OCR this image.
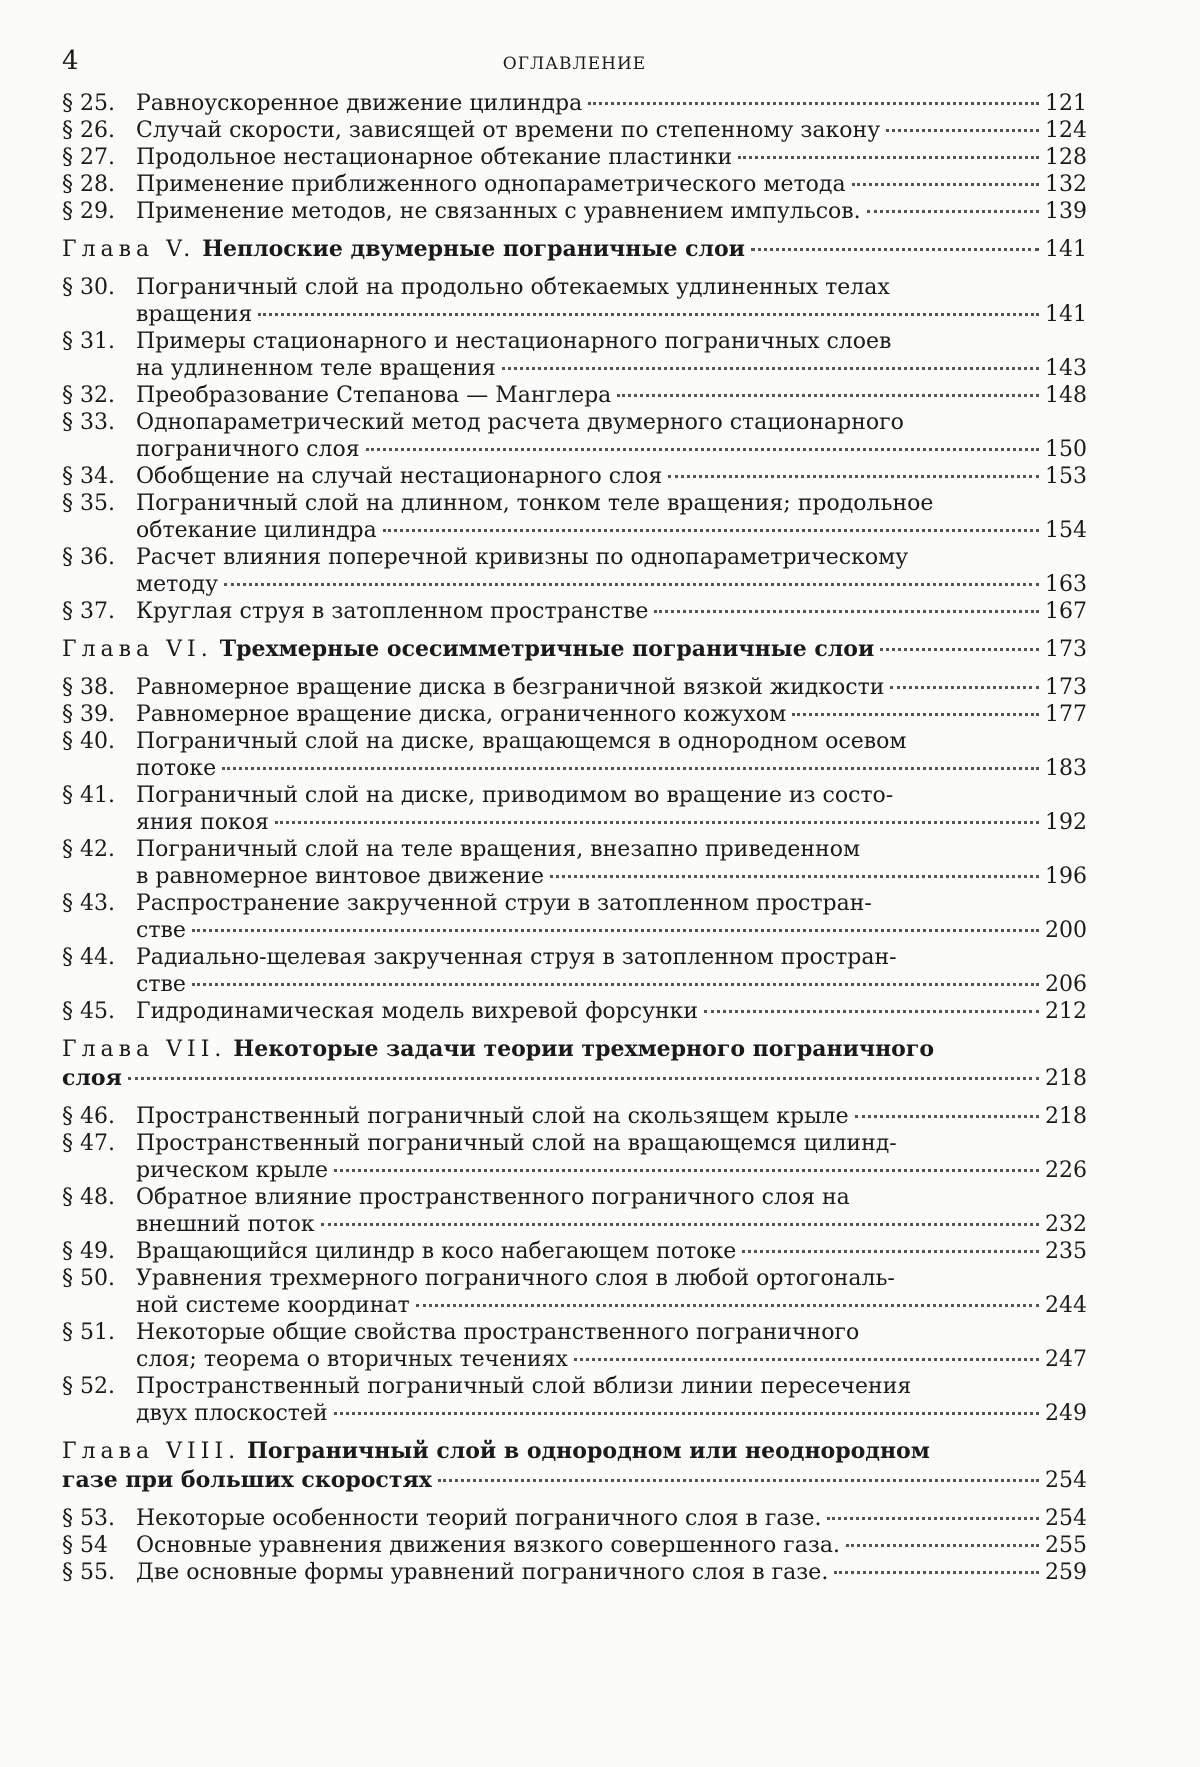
4	ОГЛАВЛЕНИЕ
§ 25. Равноускоренное движение цилиндра	121
§ 26. Случай скорости, зависящей от времени по степенному закону	124
§ 27. Продольное нестационарное обтекание пластинки	128
§ 28. Применение приближенного однопараметрического метода	132
§ 29. Применение методов, не связанных с уравнением импульсов.	139
Глава V. Неплоские двумерные пограничные слои	141
§ 30. Пограничный слой на продольно обтекаемых удлиненных телах
вращения	141
§ 31. Примеры стационарного и нестационарного пограничных слоев
на удлиненном теле вращения	143
§ 32. Преобразование Степанова — Манглера	148
§ 33. Однопараметрический метод расчета двумерного стационарного
пограничного слоя	150
§ 34. Обобщение на случай нестационарного слоя	153
§ 35. Пограничный слой на длинном, тонком теле вращения; продольное
обтекание цилиндра	154
§ 36. Расчет влияния поперечной кривизны по однопараметрическому
методу	163
§ 37. Круглая струя в затопленном пространстве	167
Глава VI. Трехмерные осесимметричные пограничные слои	173
§ 38. Равномерное вращение диска в безграничной вязкой жидкости	173
§ 39. Равномерное вращение диска, ограниченного кожухом	177
§ 40. Пограничный слой на диске, вращающемся в однородном осевом
потоке	183
§ 41. Пограничный слой на диске, приводимом во вращение из состо-
яния покоя	192
§ 42. Пограничный слой на теле вращения, внезапно приведенном
в равномерное винтовое движение	196
§ 43. Распространение закрученной струи в затопленном простран-
стве	200
§ 44. Радиально-щелевая закрученная струя в затопленном простран-
стве	206
§ 45. Гидродинамическая модель вихревой форсунки	212
Глава VII. Некоторые задачи теории трехмерного пограничного
слоя	218
§ 46. Пространственный пограничный слой на скользящем крыле	218
§ 47. Пространственный пограничный слой на вращающемся цилинд-
рическом крыле	226
§ 48. Обратное влияние пространственного пограничного слоя на
внешний поток	232
§ 49. Вращающийся цилиндр в косо набегающем потоке	235
§ 50. Уравнения трехмерного пограничного слоя в любой ортогональ-
ной системе координат	244
§ 51. Некоторые общие свойства пространственного пограничного
слоя; теорема о вторичных течениях	247
§ 52. Пространственный пограничный слой вблизи линии пересечения
двух плоскостей	249
Глава VIII. Пограничный слой в однородном или неоднородном
газе при больших скоростях	254
§ 53. Некоторые особенности теорий пограничного слоя в газе.	254
§ 54	Основные уравнения движения вязкого совершенного газа.	255
§ 55. Две основные формы уравнений пограничного слоя в газе.	259
